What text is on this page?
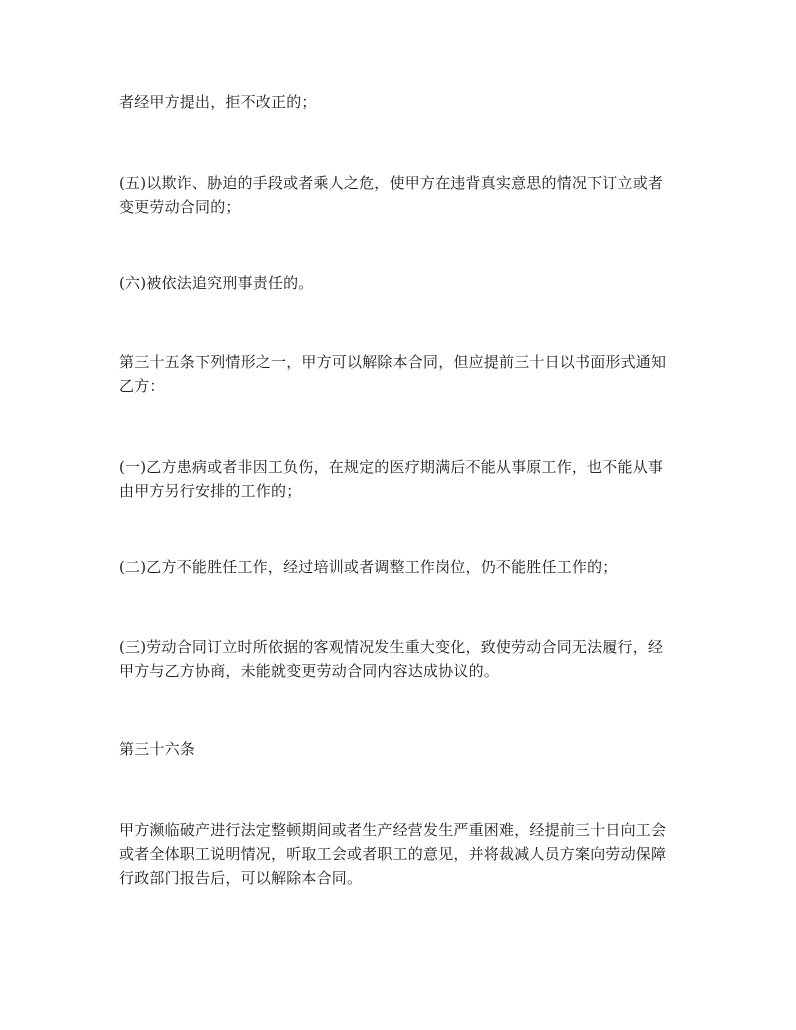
者经甲方提出，拒不改正的；

(五)以欺诈、胁迫的手段或者乘人之危，使甲方在违背真实意思的情况下订立或者
变更劳动合同的；

(六)被依法追究刑事责任的。

第三十五条下列情形之一，甲方可以解除本合同，但应提前三十日以书面形式通知
乙方：

(一)乙方患病或者非因工负伤，在规定的医疗期满后不能从事原工作，也不能从事
由甲方另行安排的工作的；

(二)乙方不能胜任工作，经过培训或者调整工作岗位，仍不能胜任工作的；

(三)劳动合同订立时所依据的客观情况发生重大变化，致使劳动合同无法履行，经
甲方与乙方协商，未能就变更劳动合同内容达成协议的。

第三十六条

甲方濒临破产进行法定整顿期间或者生产经营发生严重困难，经提前三十日向工会
或者全体职工说明情况，听取工会或者职工的意见，并将裁减人员方案向劳动保障
行政部门报告后，可以解除本合同。
